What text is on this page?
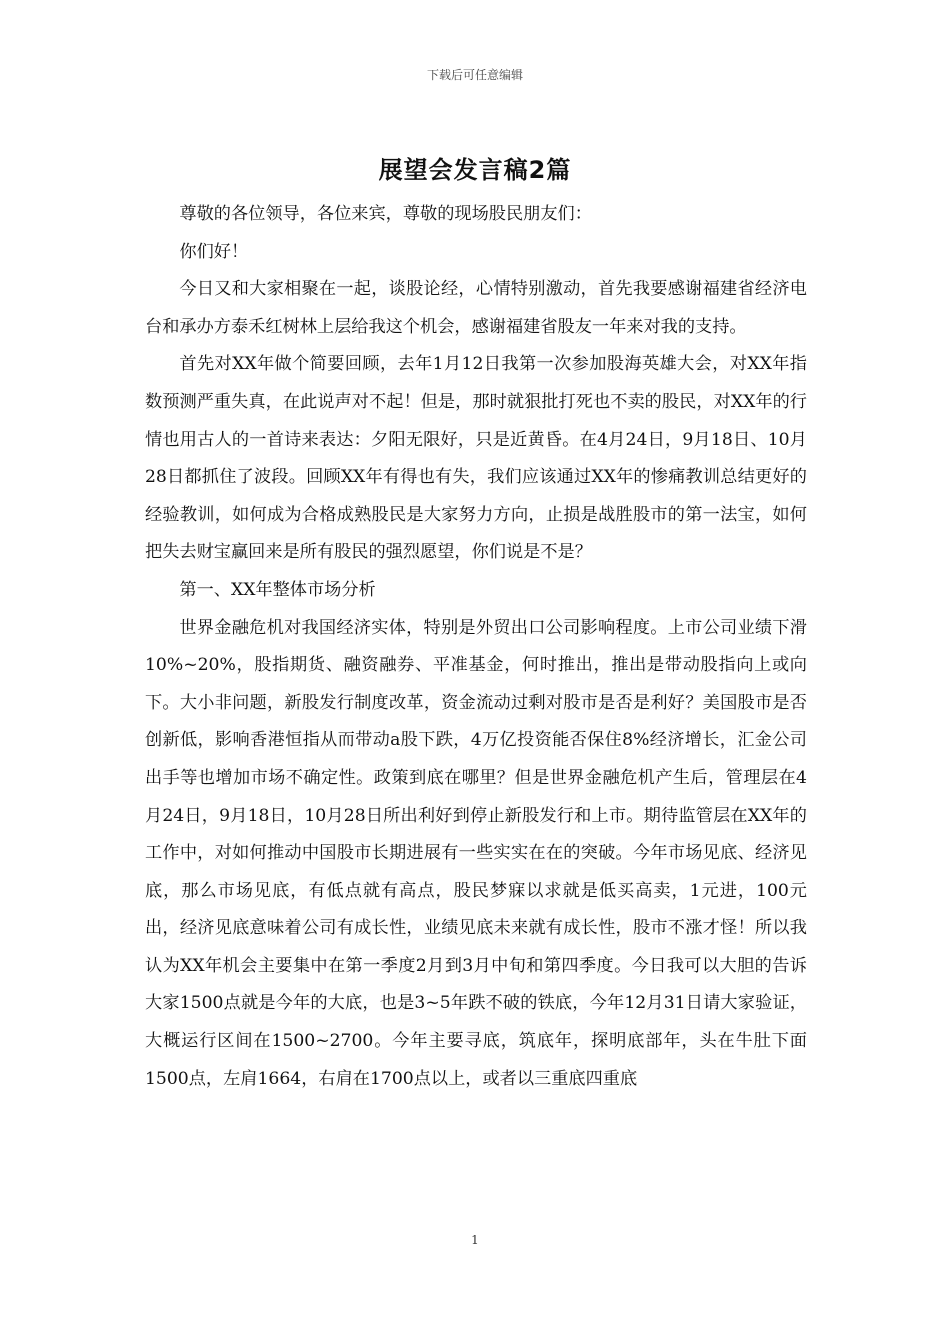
下载后可任意编辑
展望会发言稿2篇

尊敬的各位领导，各位来宾，尊敬的现场股民朋友们：

你们好！

今日又和大家相聚在一起，谈股论经，心情特别激动，首先我要感谢福建省经济电台和承办方泰禾红树林上层给我这个机会，感谢福建省股友一年来对我的支持。

首先对XX年做个简要回顾，去年1月12日我第一次参加股海英雄大会，对XX年指数预测严重失真，在此说声对不起！但是，那时就狠批打死也不卖的股民，对XX年的行情也用古人的一首诗来表达：夕阳无限好，只是近黄昏。在4月24日，9月18日、10月28日都抓住了波段。回顾XX年有得也有失，我们应该通过XX年的惨痛教训总结更好的经验教训，如何成为合格成熟股民是大家努力方向，止损是战胜股市的第一法宝，如何把失去财宝赢回来是所有股民的强烈愿望，你们说是不是？

第一、XX年整体市场分析

世界金融危机对我国经济实体，特别是外贸出口公司影响程度。上市公司业绩下滑10%~20%，股指期货、融资融券、平准基金，何时推出，推出是带动股指向上或向下。大小非问题，新股发行制度改革，资金流动过剩对股市是否是利好？美国股市是否创新低，影响香港恒指从而带动a股下跌，4万亿投资能否保住8%经济增长，汇金公司出手等也增加市场不确定性。政策到底在哪里？但是世界金融危机产生后，管理层在4月24日，9月18日，10月28日所出利好到停止新股发行和上市。期待监管层在XX年的工作中，对如何推动中国股市长期进展有一些实实在在的突破。今年市场见底、经济见底，那么市场见底，有低点就有高点，股民梦寐以求就是低买高卖，1元进，100元出，经济见底意味着公司有成长性，业绩见底未来就有成长性，股市不涨才怪！所以我认为XX年机会主要集中在第一季度2月到3月中旬和第四季度。今日我可以大胆的告诉大家1500点就是今年的大底，也是3~5年跌不破的铁底，今年12月31日请大家验证，大概运行区间在1500~2700。今年主要寻底，筑底年，探明底部年，头在牛肚下面1500点，左肩1664，右肩在1700点以上，或者以三重底四重底

1
